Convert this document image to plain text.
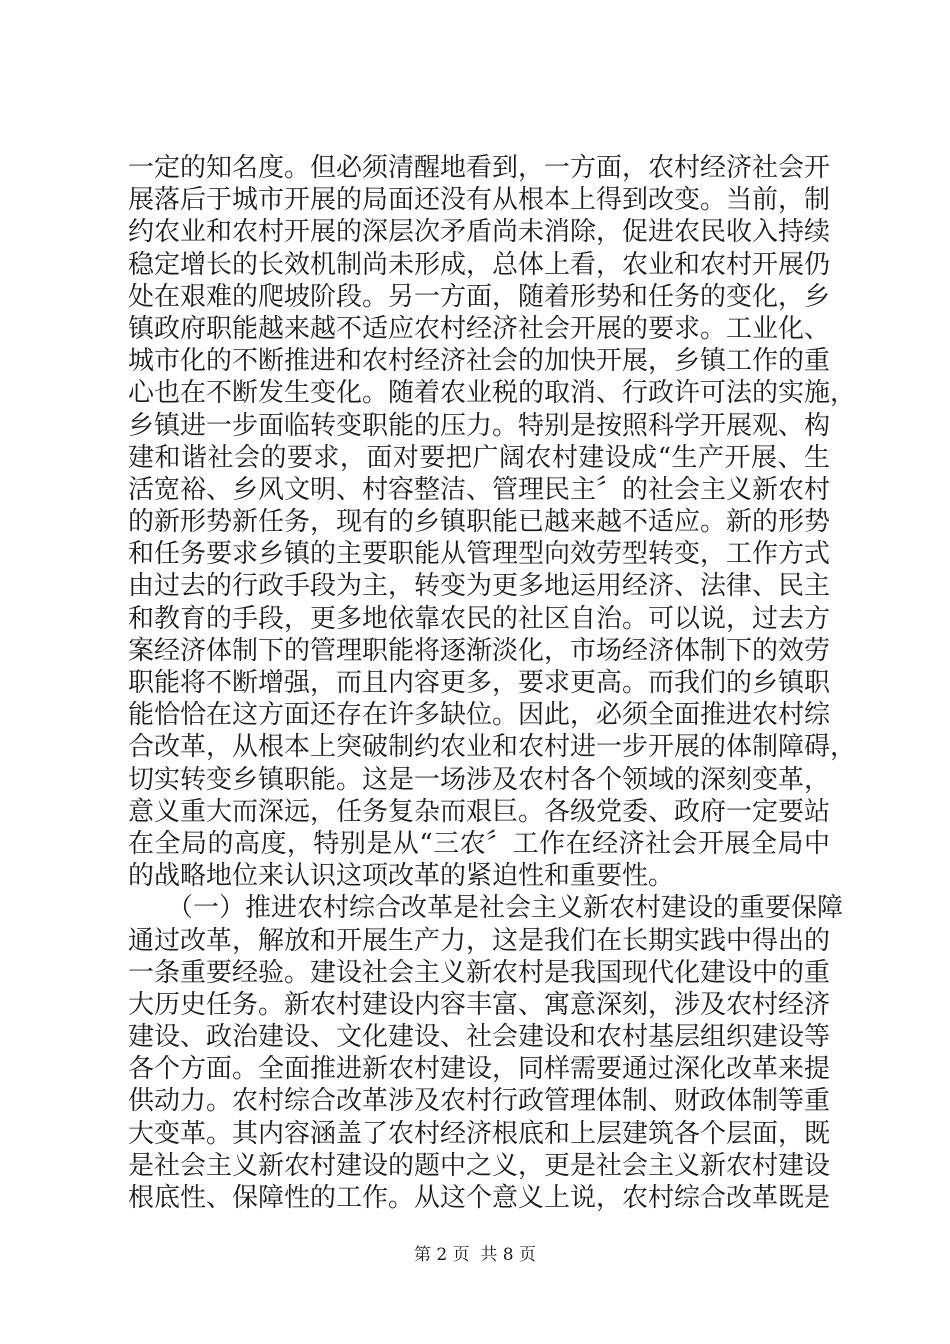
一定的知名度。但必须清醒地看到，一方面，农村经济社会开
展落后于城市开展的局面还没有从根本上得到改变。当前，制
约农业和农村开展的深层次矛盾尚未消除，促进农民收入持续
稳定增长的长效机制尚未形成，总体上看，农业和农村开展仍
处在艰难的爬坡阶段。另一方面，随着形势和任务的变化，乡
镇政府职能越来越不适应农村经济社会开展的要求。工业化、
城市化的不断推进和农村经济社会的加快开展，乡镇工作的重
心也在不断发生变化。随着农业税的取消、行政许可法的实施，
乡镇进一步面临转变职能的压力。特别是按照科学开展观、构
建和谐社会的要求，面对要把广阔农村建设成“生产开展、生
活宽裕、乡风文明、村容整洁、管理民主〞的社会主义新农村
的新形势新任务，现有的乡镇职能已越来越不适应。新的形势
和任务要求乡镇的主要职能从管理型向效劳型转变，工作方式
由过去的行政手段为主，转变为更多地运用经济、法律、民主
和教育的手段，更多地依靠农民的社区自治。可以说，过去方
案经济体制下的管理职能将逐渐淡化，市场经济体制下的效劳
职能将不断增强，而且内容更多，要求更高。而我们的乡镇职
能恰恰在这方面还存在许多缺位。因此，必须全面推进农村综
合改革，从根本上突破制约农业和农村进一步开展的体制障碍，
切实转变乡镇职能。这是一场涉及农村各个领域的深刻变革，
意义重大而深远，任务复杂而艰巨。各级党委、政府一定要站
在全局的高度，特别是从“三农〞工作在经济社会开展全局中
的战略地位来认识这项改革的紧迫性和重要性。
　　（一）推进农村综合改革是社会主义新农村建设的重要保障
通过改革，解放和开展生产力，这是我们在长期实践中得出的
一条重要经验。建设社会主义新农村是我国现代化建设中的重
大历史任务。新农村建设内容丰富、寓意深刻，涉及农村经济
建设、政治建设、文化建设、社会建设和农村基层组织建设等
各个方面。全面推进新农村建设，同样需要通过深化改革来提
供动力。农村综合改革涉及农村行政管理体制、财政体制等重
大变革。其内容涵盖了农村经济根底和上层建筑各个层面，既
是社会主义新农村建设的题中之义，更是社会主义新农村建设
根底性、保障性的工作。从这个意义上说，农村综合改革既是
第 2 页  共 8 页
